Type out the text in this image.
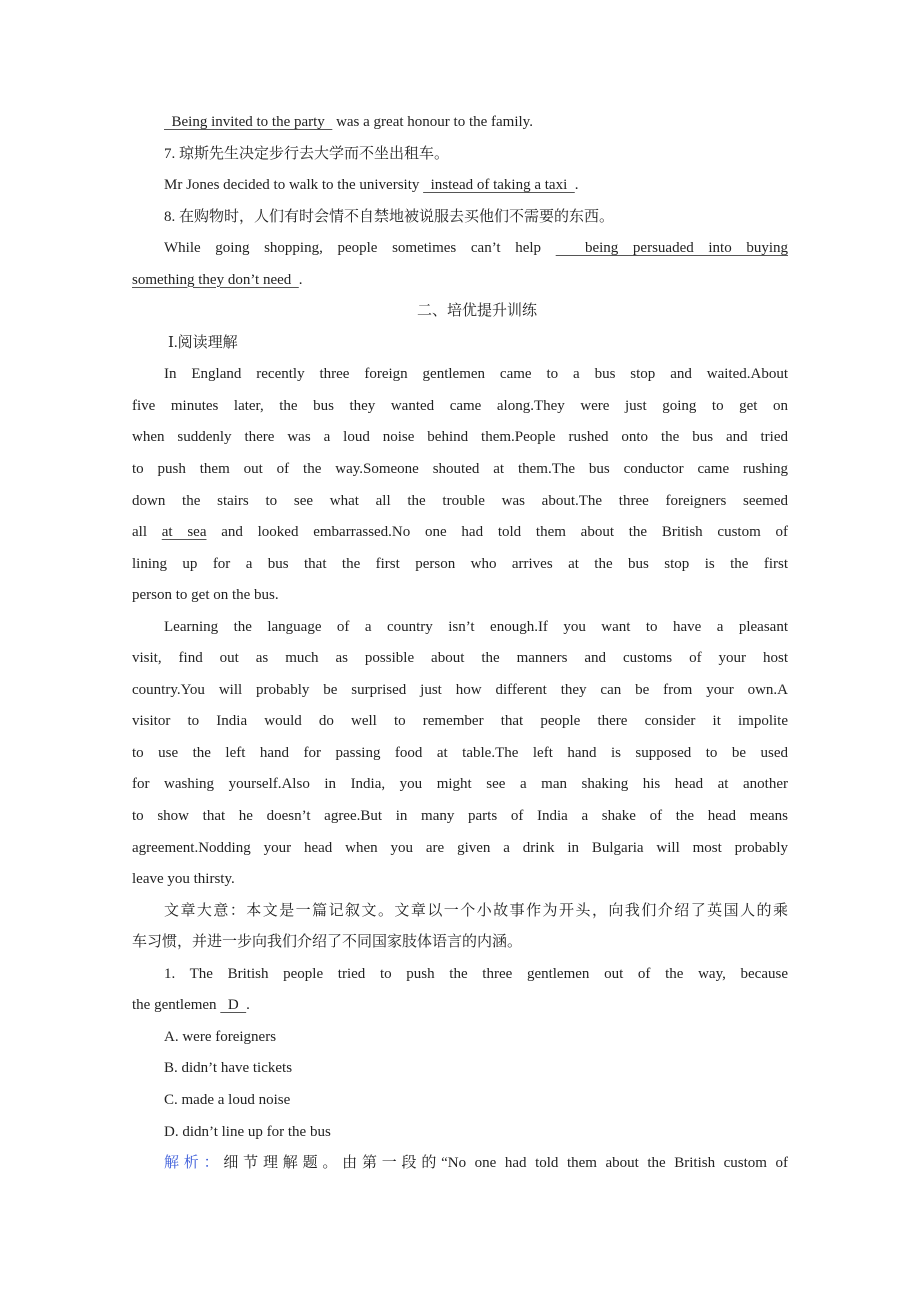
Being invited to the party   was a great honour to the family.
7. 琼斯先生决定步行去大学而不坐出租车。
Mr Jones decided to walk to the university   instead of taking a taxi  .
8. 在购物时，人们有时会情不自禁地被说服去买他们不需要的东西。
While going shopping, people sometimes can’t help   being persuaded into buying
something they don’t need  .
二、培优提升训练
Ⅰ.阅读理解
In England recently three foreign gentlemen came to a bus stop and waited.About
five minutes later, the bus they wanted came along.They were just going to get on
when suddenly there was a loud noise behind them.People rushed onto the bus and tried
to push them out of the way.Someone shouted at them.The bus conductor came rushing
down the stairs to see what all the trouble was about.The three foreigners seemed
all at sea and looked embarrassed.No one had told them about the British custom of
lining up for a bus that the first person who arrives at the bus stop is the first
person to get on the bus.
Learning the language of a country isn’t enough.If you want to have a pleasant
visit, find out as much as possible about the manners and customs of your host
country.You will probably be surprised just how different they can be from your own.A
visitor to India would do well to remember that people there consider it impolite
to use the left hand for passing food at table.The left hand is supposed to be used
for washing yourself.Also in India, you might see a man shaking his head at another
to show that he doesn’t agree.But in many parts of India a shake of the head means
agreement.Nodding your head when you are given a drink in Bulgaria will most probably
leave you thirsty.
文章大意：本文是一篇记叙文。文章以一个小故事作为开头，向我们介绍了英国人的乘
车习惯，并进一步向我们介绍了不同国家肢体语言的内涵。
1. The British people tried to push the three gentlemen out of the way, because
the gentlemen   D  .
A. were foreigners
B. didn’t have tickets
C. made a loud noise
D. didn’t line up for the bus
解析：细节理解题。由第一段的“No one had told them about the British custom of
